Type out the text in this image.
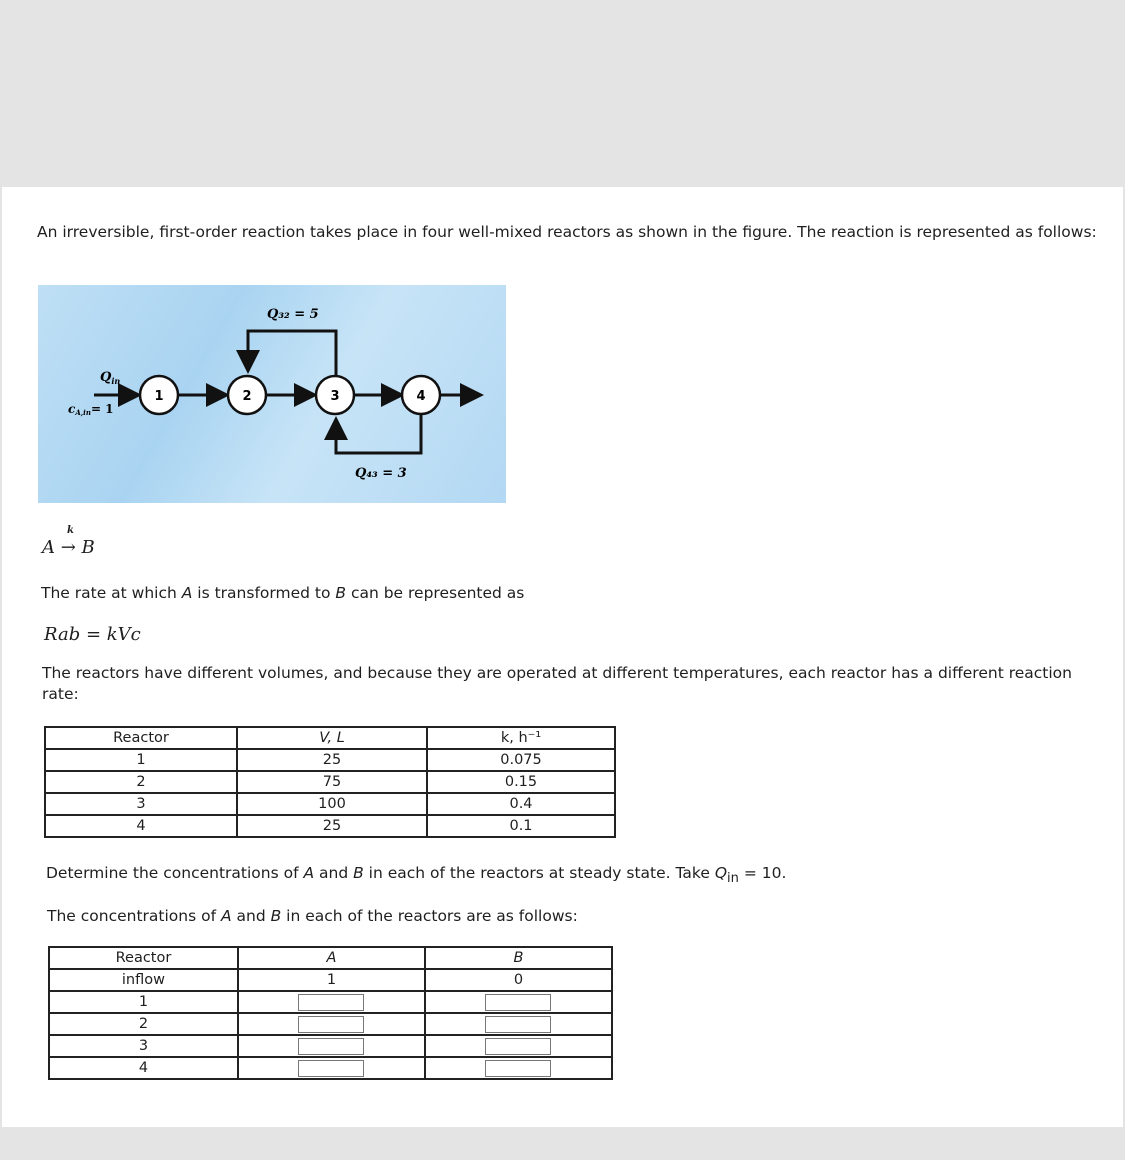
An irreversible, first-order reaction takes place in four well-mixed reactors as shown in the figure. The reaction is represented as follows:
1	2	3	4
Q₃₂ = 5
Q₄₃ = 3
$Q_{in}$
cA,in= 1
A → B
k
The rate at which A is transformed to B can be represented as
Rab = kVc
The reactors have different volumes, and because they are operated at different temperatures, each reactor has a different reaction rate:
Reactor	V, L	k, h⁻¹

1	25	0.075

2	75	0.15

3	100	0.4

4	25	0.1
Determine the concentrations of A and B in each of the reactors at steady state. Take $Q_{in} = 10$.
The concentrations of A and B in each of the reactors are as follows:
Reactor	A	B
inflow	1	0
1	

2	

3	

4	
